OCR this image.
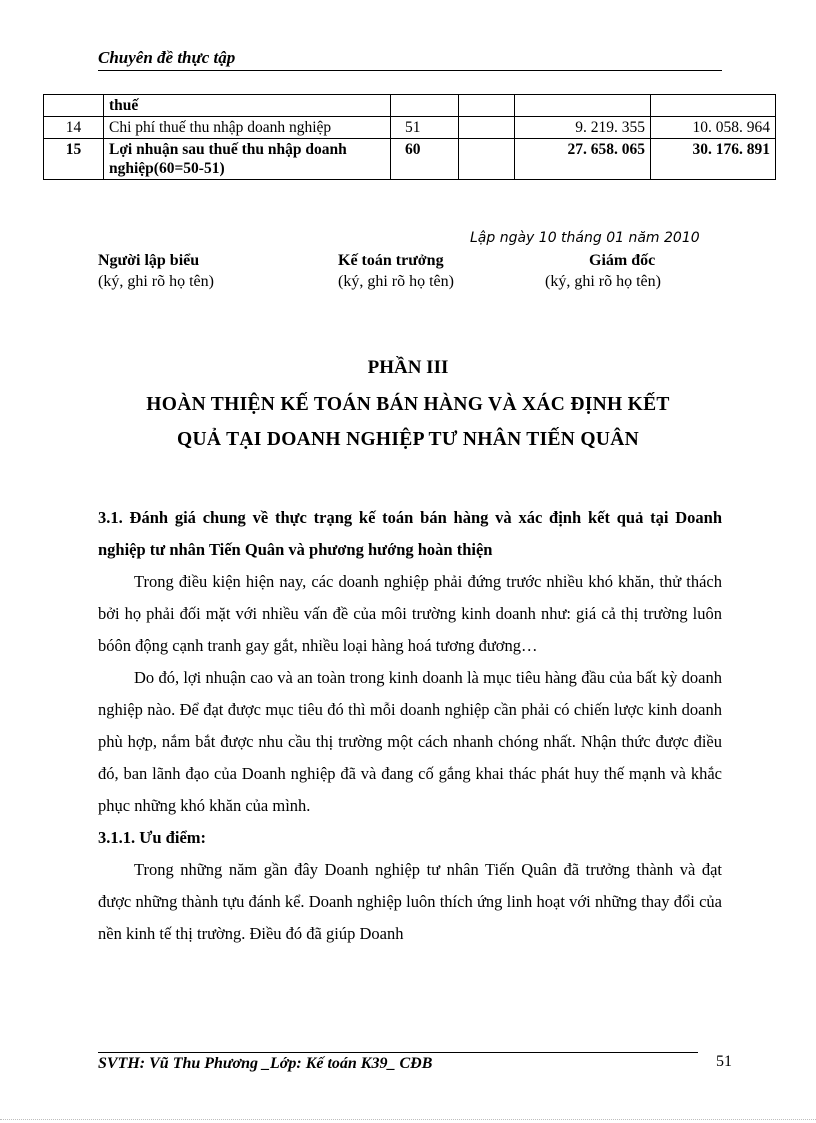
Chuyên đề thực tập
	thuế				
14	Chi phí thuế thu nhập doanh nghiệp	51		9. 219. 355	10. 058. 964
15	Lợi nhuận sau thuế thu nhập doanh nghiệp(60=50-51)	60		27. 658. 065	30. 176. 891
Lập ngày 10 tháng 01 năm 2010
Người lập biểu
(ký, ghi rõ họ tên)
Kế toán trưởng
(ký, ghi rõ họ tên)
Giám đốc
(ký, ghi rõ họ tên)
PHẦN III
HOÀN THIỆN KẾ TOÁN BÁN HÀNG VÀ XÁC ĐỊNH KẾT
QUẢ TẠI DOANH NGHIỆP TƯ NHÂN TIẾN QUÂN

3.1. Đánh giá chung về thực trạng kế toán bán hàng và xác định kết quả tại Doanh nghiệp tư nhân Tiến Quân và phương hướng hoàn thiện

Trong điều kiện hiện nay, các doanh nghiệp phải đứng trước nhiều khó khăn, thử thách bởi họ phải đối mặt với nhiều vấn đề của môi trường kinh doanh như: giá cả thị trường luôn bóôn động cạnh tranh gay gắt, nhiều loại hàng hoá tương đương…

Do đó, lợi nhuận cao và an toàn trong kinh doanh là mục tiêu hàng đầu của bất kỳ doanh nghiệp nào. Để đạt được mục tiêu đó thì mỗi doanh nghiệp cần phải có chiến lược kinh doanh phù hợp, nắm bắt được nhu cầu thị trường một cách nhanh chóng nhất. Nhận thức được điều đó, ban lãnh đạo của Doanh nghiệp đã và đang cố gắng khai thác phát huy thế mạnh và khắc phục những khó khăn của mình.

3.1.1. Ưu điểm:

Trong những năm gần đây Doanh nghiệp tư nhân Tiến Quân đã trưởng thành và đạt được những thành tựu đánh kể. Doanh nghiệp luôn thích ứng linh hoạt với những thay đổi của nền kinh tế thị trường. Điều đó đã giúp Doanh

SVTH: Vũ Thu Phương _Lớp: Kế toán K39_ CĐB	51
